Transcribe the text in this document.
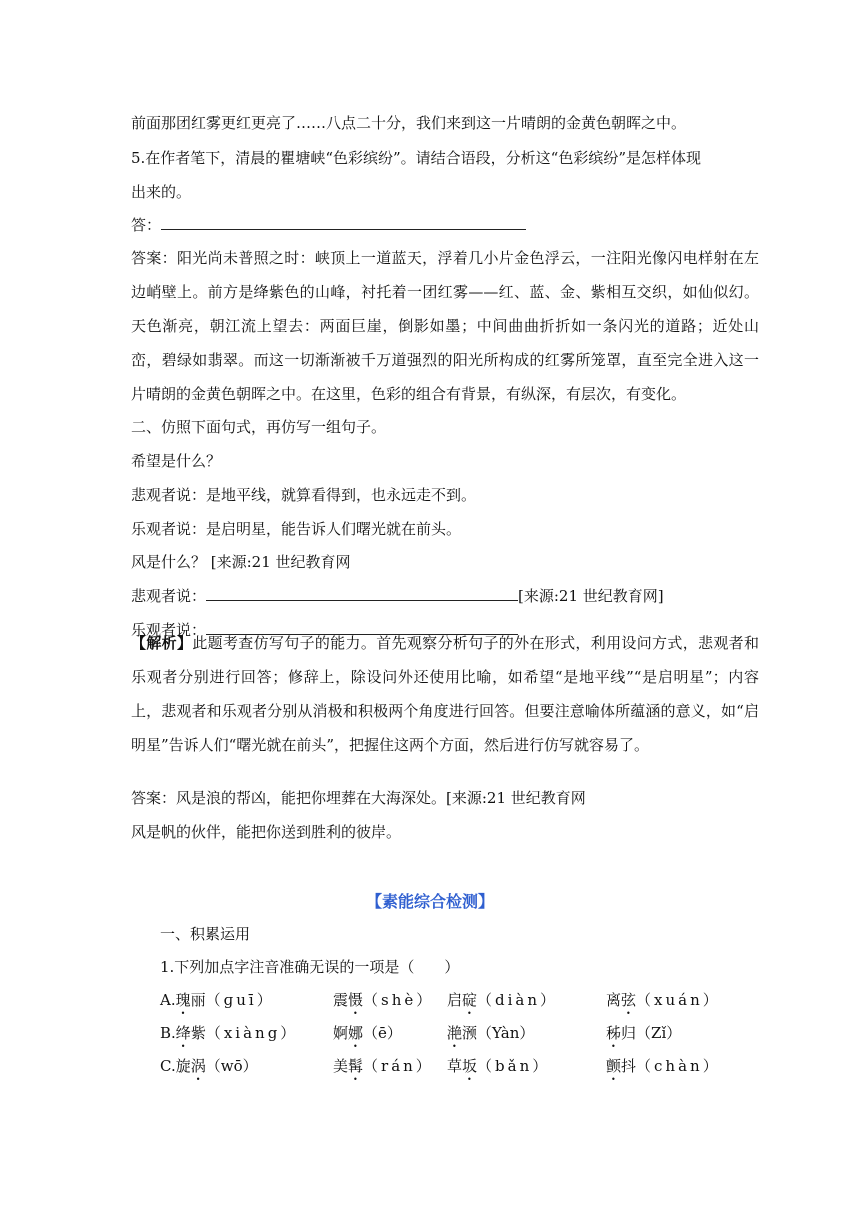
前面那团红雾更红更亮了……八点二十分，我们来到这一片晴朗的金黄色朝晖之中。
5.在作者笔下，清晨的瞿塘峡“色彩缤纷”。请结合语段，分析这“色彩缤纷”是怎样体现
出来的。
答：
答案：阳光尚未普照之时：峡顶上一道蓝天，浮着几小片金色浮云，一注阳光像闪电样射在左边峭壁上。前方是绛紫色的山峰，衬托着一团红雾——红、蓝、金、紫相互交织，如仙似幻。天色渐亮，朝江流上望去：两面巨崖，倒影如墨；中间曲曲折折如一条闪光的道路；近处山峦，碧绿如翡翠。而这一切渐渐被千万道强烈的阳光所构成的红雾所笼罩，直至完全进入这一片晴朗的金黄色朝晖之中。在这里，色彩的组合有背景，有纵深，有层次，有变化。
二、仿照下面句式，再仿写一组句子。
希望是什么？
悲观者说：是地平线，就算看得到，也永远走不到。
乐观者说：是启明星，能告诉人们曙光就在前头。
风是什么？ [来源:21 世纪教育网
悲观者说：	[来源:21 世纪教育网]
乐观者说：
【解析】此题考查仿写句子的能力。首先观察分析句子的外在形式，利用设问方式，悲观者和乐观者分别进行回答；修辞上，除设问外还使用比喻，如希望“是地平线”“是启明星”；内容上，悲观者和乐观者分别从消极和积极两个角度进行回答。但要注意喻体所蕴涵的意义，如“启明星”告诉人们“曙光就在前头”，把握住这两个方面，然后进行仿写就容易了。
答案：风是浪的帮凶，能把你埋葬在大海深处。[来源:21 世纪教育网
风是帆的伙伴，能把你送到胜利的彼岸。
【素能综合检测】
一、积累运用
1.下列加点字注音准确无误的一项是（　　）
A.瑰丽（ɡuī）	震慑（shè） 启碇（diàn）	离弦（xuán）
B.绛紫（xiàng） 婀娜（ē）	滟滪（Yàn）	秭归（Zǐ）
C.旋涡（wō）	美髯（rán） 草坂（bǎn）	颤抖（chàn）
